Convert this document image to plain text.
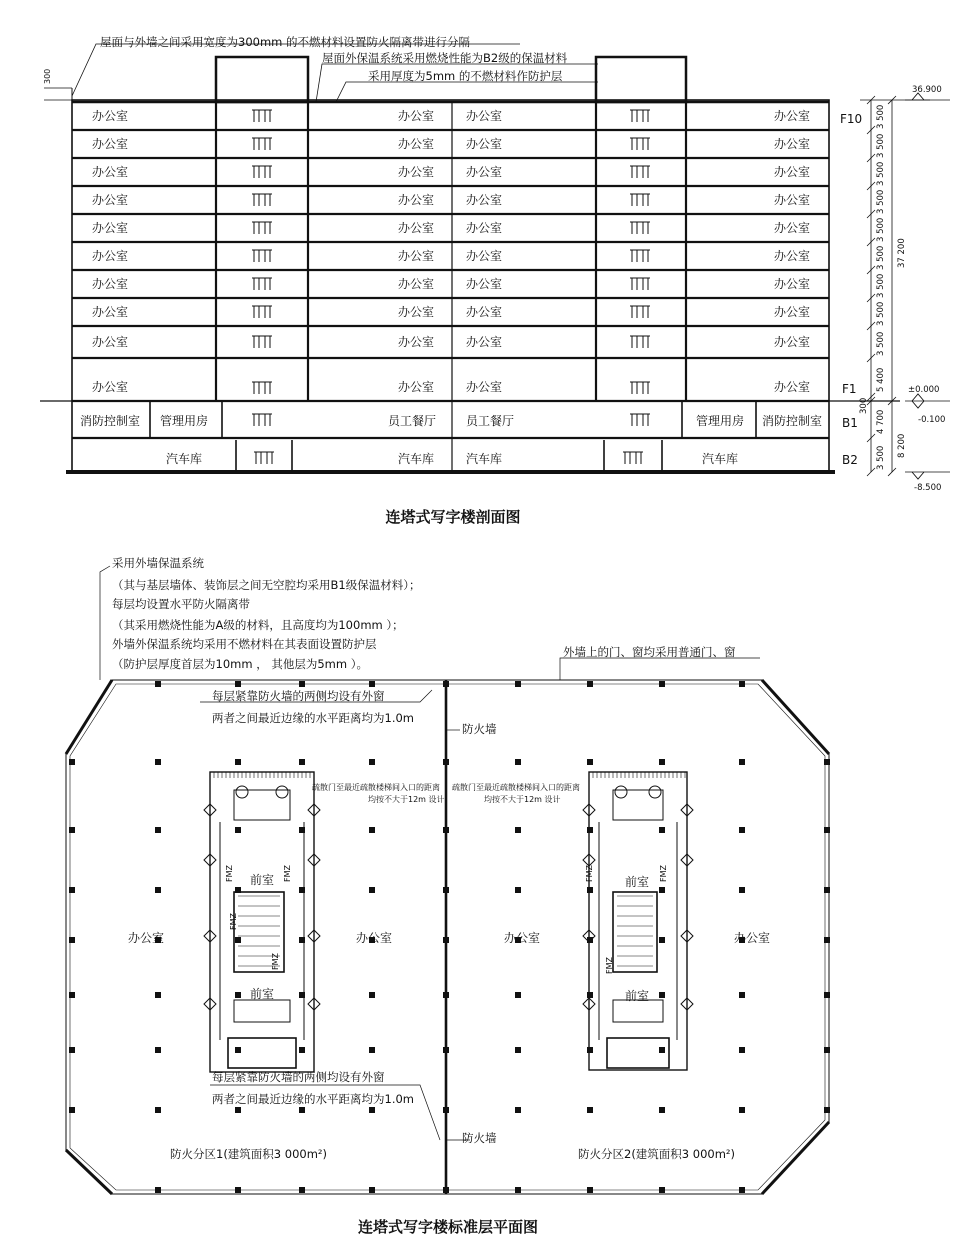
屋面与外墙之间采用宽度为300mm 的不燃材料设置防火隔离带进行分隔
屋面外保温系统采用燃烧性能为B2级的保温材料
采用厚度为5mm 的不燃材料作防护层
300
办公室	办公室	办公室	办公室
办公室	办公室	办公室	办公室
办公室	办公室	办公室	办公室
办公室	办公室	办公室	办公室
办公室	办公室	办公室	办公室
办公室	办公室	办公室	办公室
办公室	办公室	办公室	办公室
办公室	办公室	办公室	办公室
办公室	办公室	办公室	办公室
办公室	办公室	办公室	办公室
消防控制室 管理用房	员工餐厅 员工餐厅	管理用房 消防控制室
汽车库	汽车库	汽车库	汽车库
F10
F1
B1
B2
36.900
±0.000
-0.100
-8.500
3 500
3 500
3 500
3 500
3 500
3 500
3 500
3 500
3 500
5 400
300
4 700
3 500
37 200
8 200
连塔式写字楼剖面图
采用外墙保温系统
（其与基层墙体、装饰层之间无空腔均采用B1级保温材料）；
每层均设置水平防火隔离带
（其采用燃烧性能为A级的材料，且高度均为100mm ）；
外墙外保温系统均采用不燃材料在其表面设置防护层
（防护层厚度首层为10mm ， 其他层为5mm ）。
外墙上的门、窗均采用普通门、窗
每层紧靠防火墙的两侧均设有外窗
两者之间最近边缘的水平距离均为1.0m
防火墙
疏散门至最近疏散楼梯间入口的距离
均按不大于12m 设计
疏散门至最近疏散楼梯间入口的距离
均按不大于12m 设计
办公室	办公室	办公室	办公室
前室
前室
前室
前室
FMZ	FMZ
FMZ
FMZ
FMZ	FMZ
FMZ
每层紧靠防火墙的两侧均设有外窗
两者之间最近边缘的水平距离均为1.0m
防火墙
防火分区1(建筑面积3 000m²)	防火分区2(建筑面积3 000m²)
连塔式写字楼标准层平面图
